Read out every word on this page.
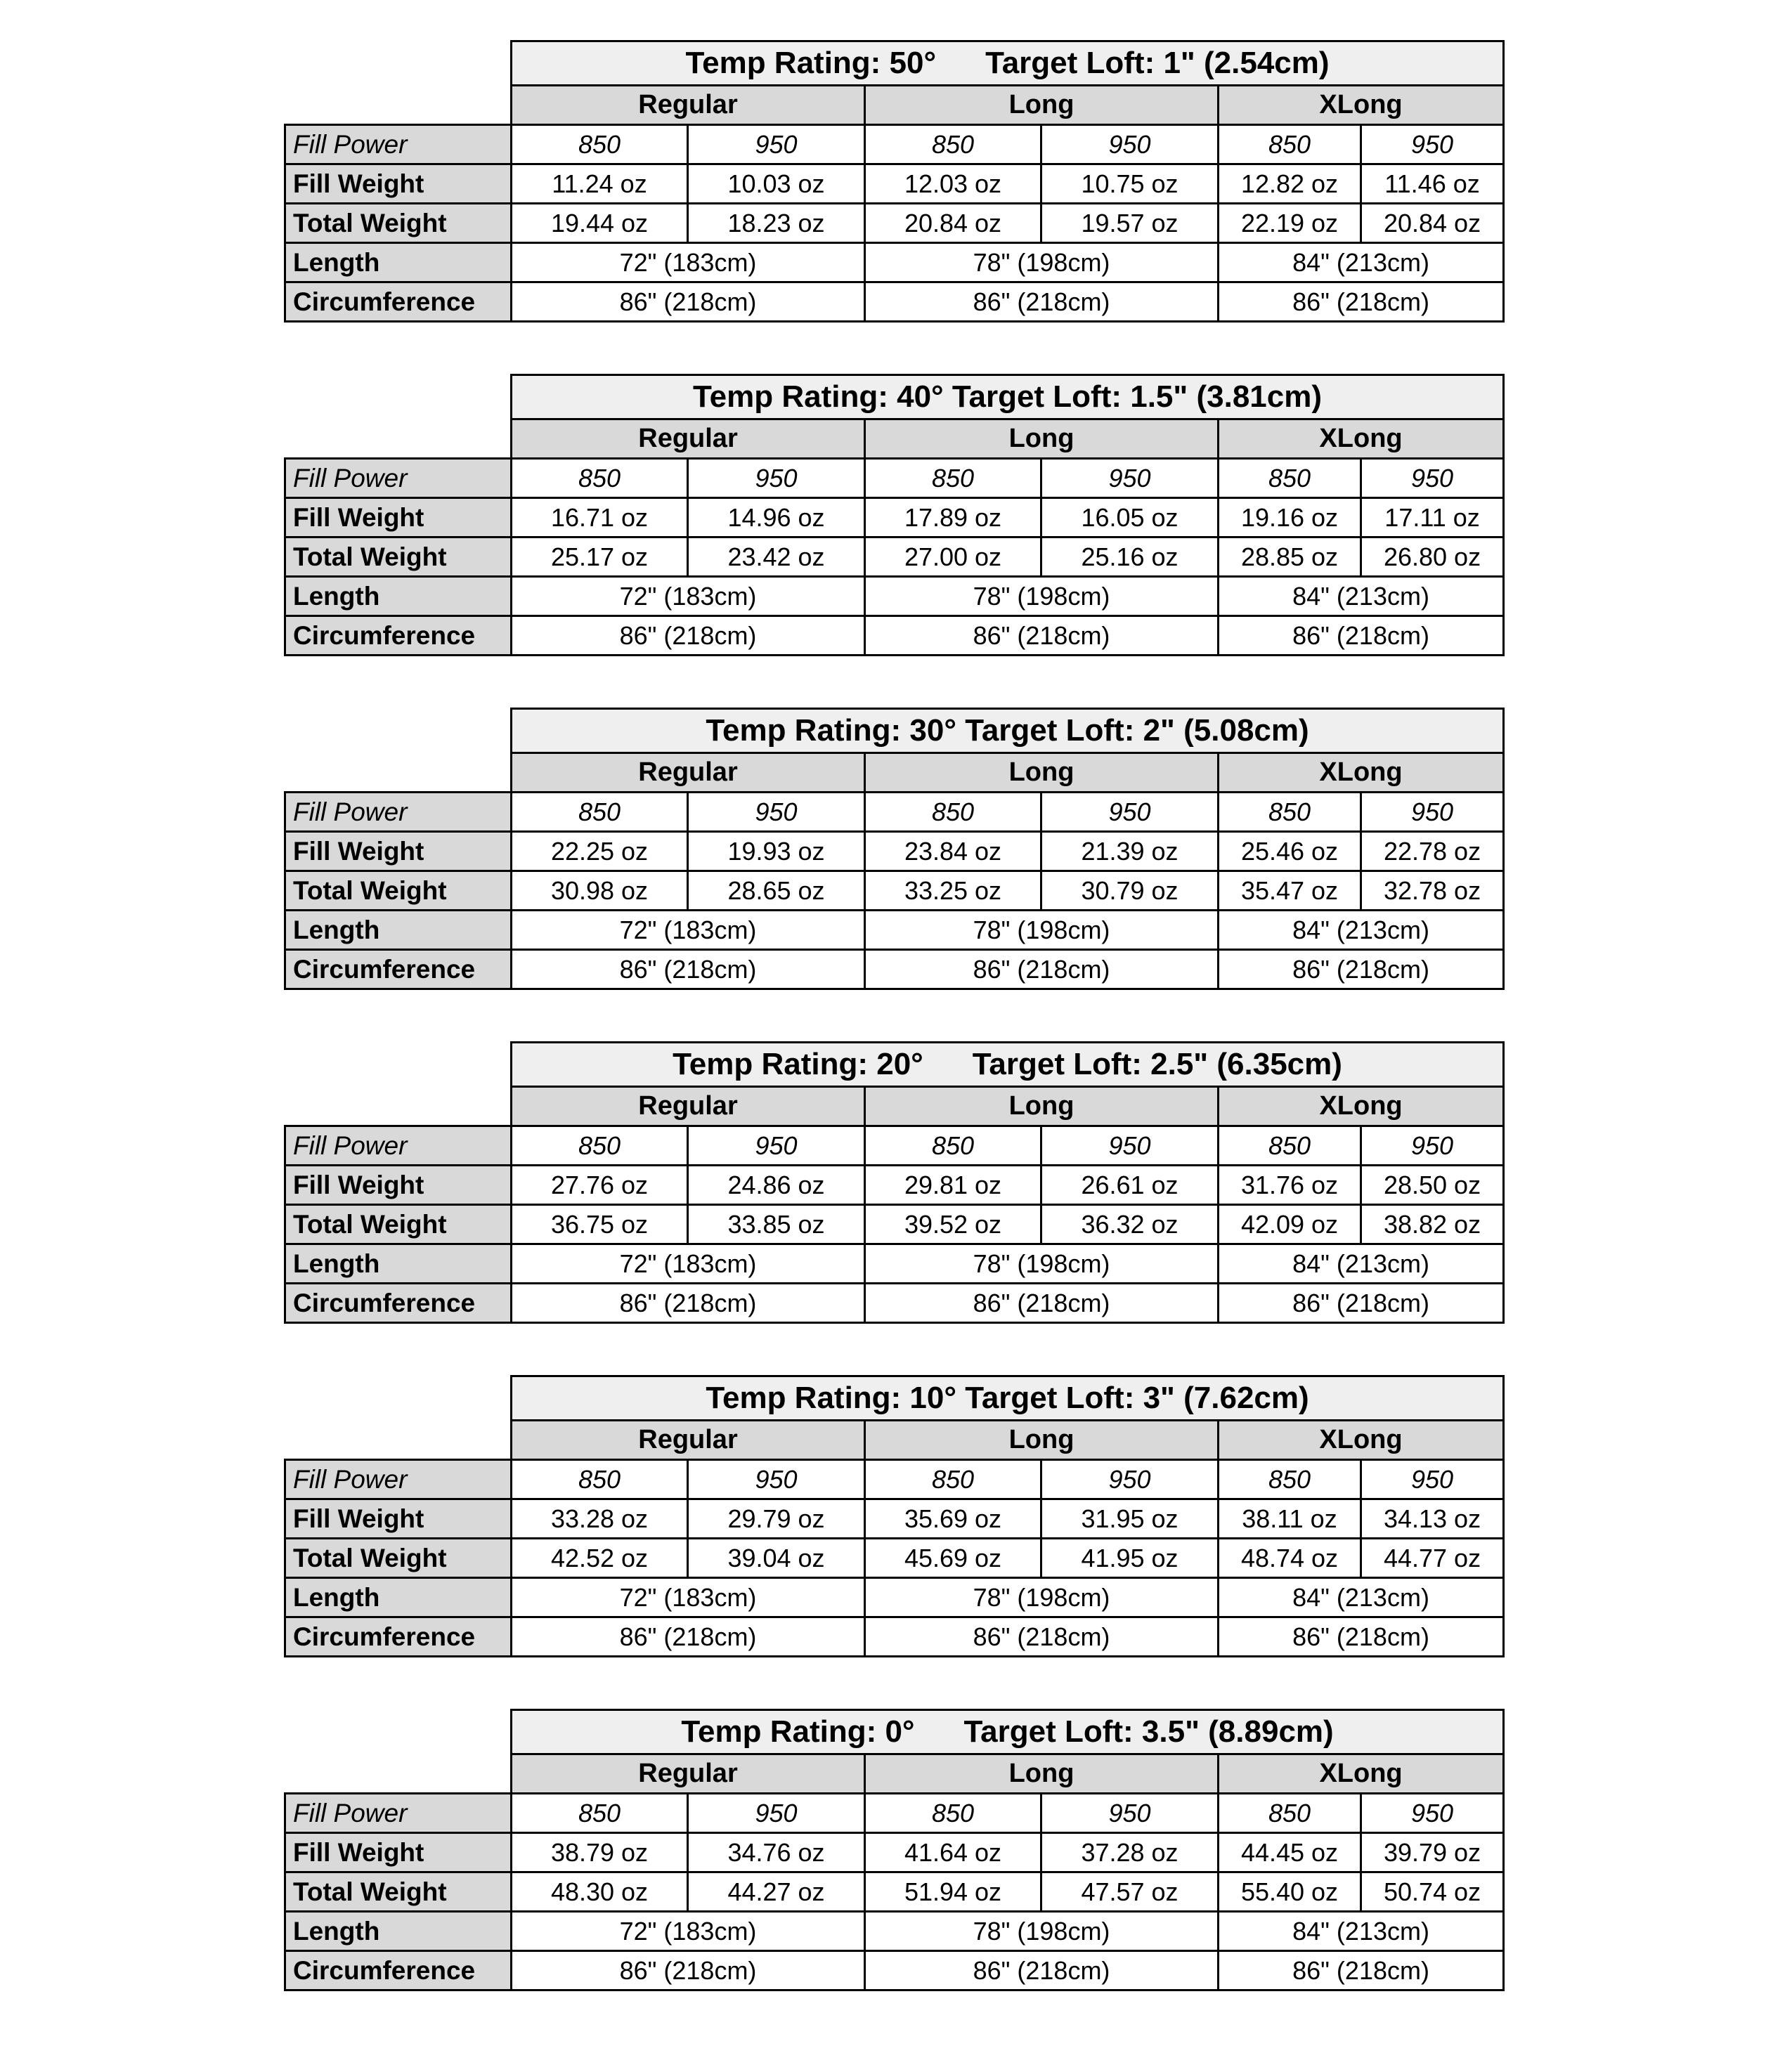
	Temp Rating: 50° Target Loft: 1" (2.54cm)					
	Regular		Long		XLong	
Fill Power	850	950	850	950	850	950
Fill Weight	11.24 oz	10.03 oz	12.03 oz	10.75 oz	12.82 oz	11.46 oz
Total Weight	19.44 oz	18.23 oz	20.84 oz	19.57 oz	22.19 oz	20.84 oz
Length	72" (183cm)		78" (198cm)		84" (213cm)	
Circumference	86" (218cm)		86" (218cm)		86" (218cm)	
	Temp Rating: 40° Target Loft: 1.5" (3.81cm)					
	Regular		Long		XLong	
Fill Power	850	950	850	950	850	950
Fill Weight	16.71 oz	14.96 oz	17.89 oz	16.05 oz	19.16 oz	17.11 oz
Total Weight	25.17 oz	23.42 oz	27.00 oz	25.16 oz	28.85 oz	26.80 oz
Length	72" (183cm)		78" (198cm)		84" (213cm)	
Circumference	86" (218cm)		86" (218cm)		86" (218cm)	
	Temp Rating: 30° Target Loft: 2" (5.08cm)					
	Regular		Long		XLong	
Fill Power	850	950	850	950	850	950
Fill Weight	22.25 oz	19.93 oz	23.84 oz	21.39 oz	25.46 oz	22.78 oz
Total Weight	30.98 oz	28.65 oz	33.25 oz	30.79 oz	35.47 oz	32.78 oz
Length	72" (183cm)		78" (198cm)		84" (213cm)	
Circumference	86" (218cm)		86" (218cm)		86" (218cm)	
	Temp Rating: 20° Target Loft: 2.5" (6.35cm)					
	Regular		Long		XLong	
Fill Power	850	950	850	950	850	950
Fill Weight	27.76 oz	24.86 oz	29.81 oz	26.61 oz	31.76 oz	28.50 oz
Total Weight	36.75 oz	33.85 oz	39.52 oz	36.32 oz	42.09 oz	38.82 oz
Length	72" (183cm)		78" (198cm)		84" (213cm)	
Circumference	86" (218cm)		86" (218cm)		86" (218cm)	
	Temp Rating: 10° Target Loft: 3" (7.62cm)					
	Regular		Long		XLong	
Fill Power	850	950	850	950	850	950
Fill Weight	33.28 oz	29.79 oz	35.69 oz	31.95 oz	38.11 oz	34.13 oz
Total Weight	42.52 oz	39.04 oz	45.69 oz	41.95 oz	48.74 oz	44.77 oz
Length	72" (183cm)		78" (198cm)		84" (213cm)	
Circumference	86" (218cm)		86" (218cm)		86" (218cm)	
	Temp Rating: 0° Target Loft: 3.5" (8.89cm)					
	Regular		Long		XLong	
Fill Power	850	950	850	950	850	950
Fill Weight	38.79 oz	34.76 oz	41.64 oz	37.28 oz	44.45 oz	39.79 oz
Total Weight	48.30 oz	44.27 oz	51.94 oz	47.57 oz	55.40 oz	50.74 oz
Length	72" (183cm)		78" (198cm)		84" (213cm)	
Circumference	86" (218cm)		86" (218cm)		86" (218cm)	
